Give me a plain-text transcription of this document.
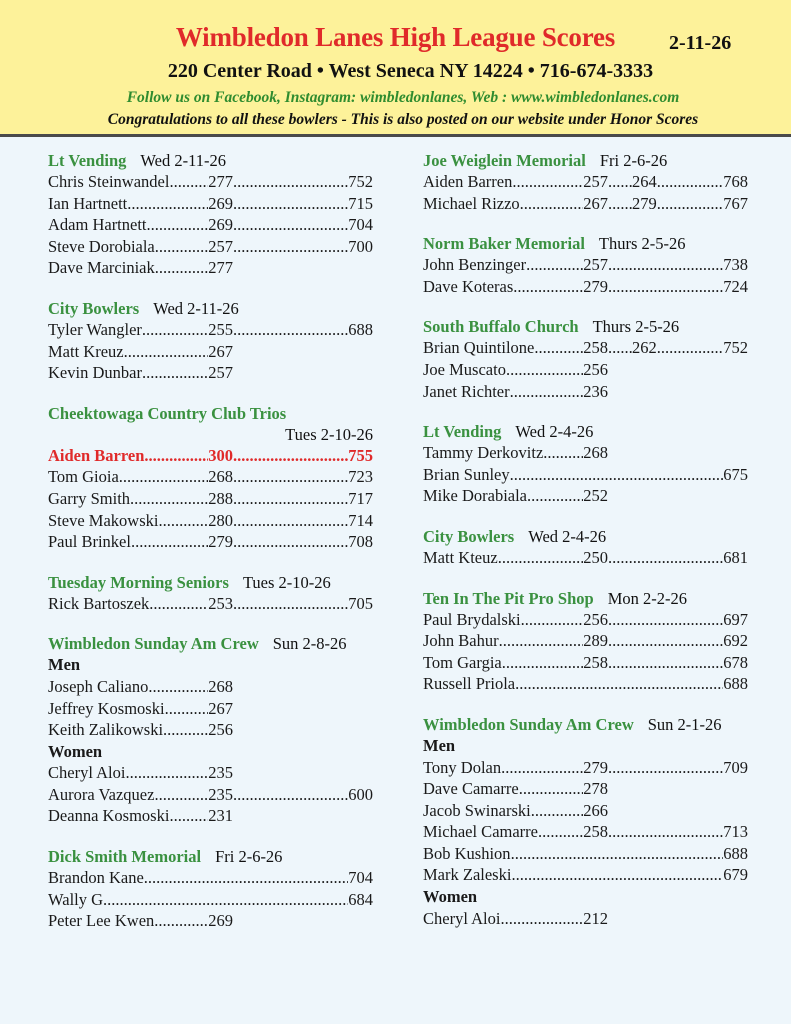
Wimbledon Lanes High League Scores	2-11-26
220 Center Road • West Seneca NY 14224 • 716-674-3333
Follow us on Facebook, Instagram: wimbledonlanes, Web : www.wimbledonlanes.com
Congratulations to all these bowlers - This is also posted on our website under Honor Scores
Lt Vending Wed 2-11-26
Chris Steinwandel ..... 277 .....	752
Ian Hartnett .....	269 .....	715
Adam Hartnett .....	269 .....	704
Steve Dorobiala .....	257 .....	700
Dave Marciniak .....	277
City Bowlers Wed 2-11-26
Tyler Wangler .....	255 .....	688
Matt Kreuz .....	267
Kevin Dunbar .....	257
Cheektowaga Country Club Trios
Tues 2-10-26
Aiden Barren .....	300 .....	755
Tom Gioia .....	268 .....	723
Garry Smith .....	288 .....	717
Steve Makowski .....	280 .....	714
Paul Brinkel .....	279 .....	708
Tuesday Morning Seniors Tues 2-10-26
Rick Bartoszek .....	253 .....	705
Wimbledon Sunday Am Crew Sun 2-8-26
Men
Joseph Caliano .....	268
Jeffrey Kosmoski .....	267
Keith Zalikowski .....	256
Women
Cheryl Aloi .....	235
Aurora Vazquez .....	235 .....	600
Deanna Kosmoski ..... 231
Dick Smith Memorial Fri 2-6-26
Brandon Kane .....	704
Wally G .....	684
Peter Lee Kwen .....	269
Joe Weiglein Memorial Fri 2-6-26
Aiden Barren .....	257 ..... 264 .....	768
Michael Rizzo .....	267 ..... 279 .....	767
Norm Baker Memorial Thurs 2-5-26
John Benzinger .....	257 .....	738
Dave Koteras .....	279 .....	724
South Buffalo Church Thurs 2-5-26
Brian Quintilone .....	258 ..... 262 .....	752
Joe Muscato .....	256
Janet Richter .....	236
Lt Vending Wed 2-4-26
Tammy Derkovitz ..... 268
Brian Sunley .....	675
Mike Dorabiala .....	252
City Bowlers Wed 2-4-26
Matt Kteuz .....	250 .....	681
Ten In The Pit Pro Shop Mon 2-2-26
Paul Brydalski .....	256 .....	697
John Bahur .....	289 .....	692
Tom Gargia .....	258 .....	678
Russell Priola .....	688
Wimbledon Sunday Am Crew Sun 2-1-26
Men
Tony Dolan .....	279 .....	709
Dave Camarre .....	278
Jacob Swinarski .....	266
Michael Camarre .....	258 .....	713
Bob Kushion .....	688
Mark Zaleski .....	679
Women
Cheryl Aloi .....	212
